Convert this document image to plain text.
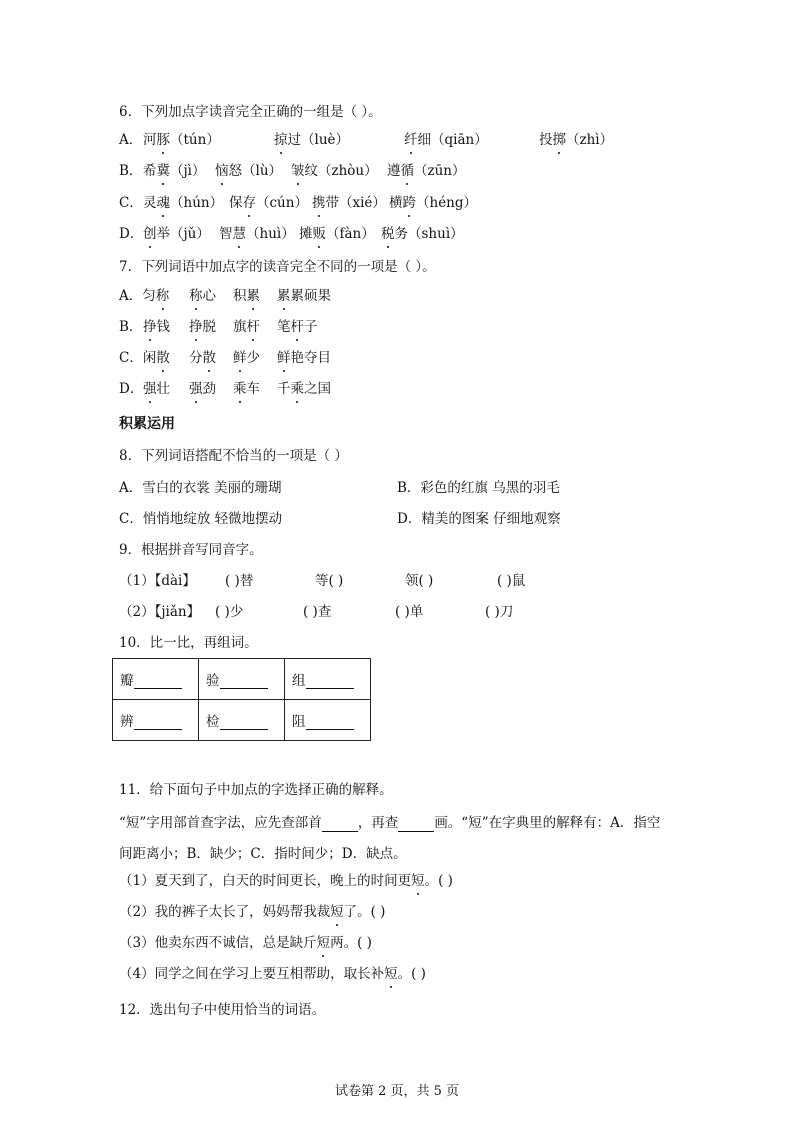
6．下列加点字读音完全正确的一组是（ ）。
A． 河豚（tún）	掠过（luè）	纤细（qiān）	投掷（zhì）
B． 希冀（jì） 恼怒（lù） 皱纹（zhòu） 遵循（zūn）
C． 灵魂（hún） 保存（cún） 携带（xié） 横跨（héng）
D． 创举（jǔ） 智慧（huì） 摊贩（fàn） 税务（shuì）
7．下列词语中加点字的读音完全不同的一项是（ ）。
A．匀称 称心 积累 累累硕果
B． 挣钱 挣脱 旗杆 笔杆子
C．闲散 分散 鲜少 鲜艳夺目
D． 强壮 强劲 乘车 千乘之国
积累运用
8．下列词语搭配不恰当的一项是（ ）
A．雪白的衣裳 美丽的珊瑚	B．彩色的红旗 乌黑的羽毛
C．悄悄地绽放 轻微地摆动	D．精美的图案 仔细地观察
9．根据拼音写同音字。
（1）【dài】 ( )替	等( )	领( )	( )鼠
（2）【jiǎn】 ( )少	( )查	( )单	( )刀
10．比一比，再组词。
瓣	验	组
辨	检	阻
11．给下面句子中加点的字选择正确的解释。
“短”字用部首查字法，应先查部首	，再查	画。“短”在字典里的解释有：A．指空
间距离小；B．缺少；C．指时间少；D．缺点。
（1）夏天到了，白天的时间更长，晚上的时间更短。( )
（2）我的裤子太长了，妈妈帮我裁短了。( )
（3）他卖东西不诚信，总是缺斤短两。( )
（4）同学之间在学习上要互相帮助，取长补短。( )
12．选出句子中使用恰当的词语。
试卷第 2 页，共 5 页
